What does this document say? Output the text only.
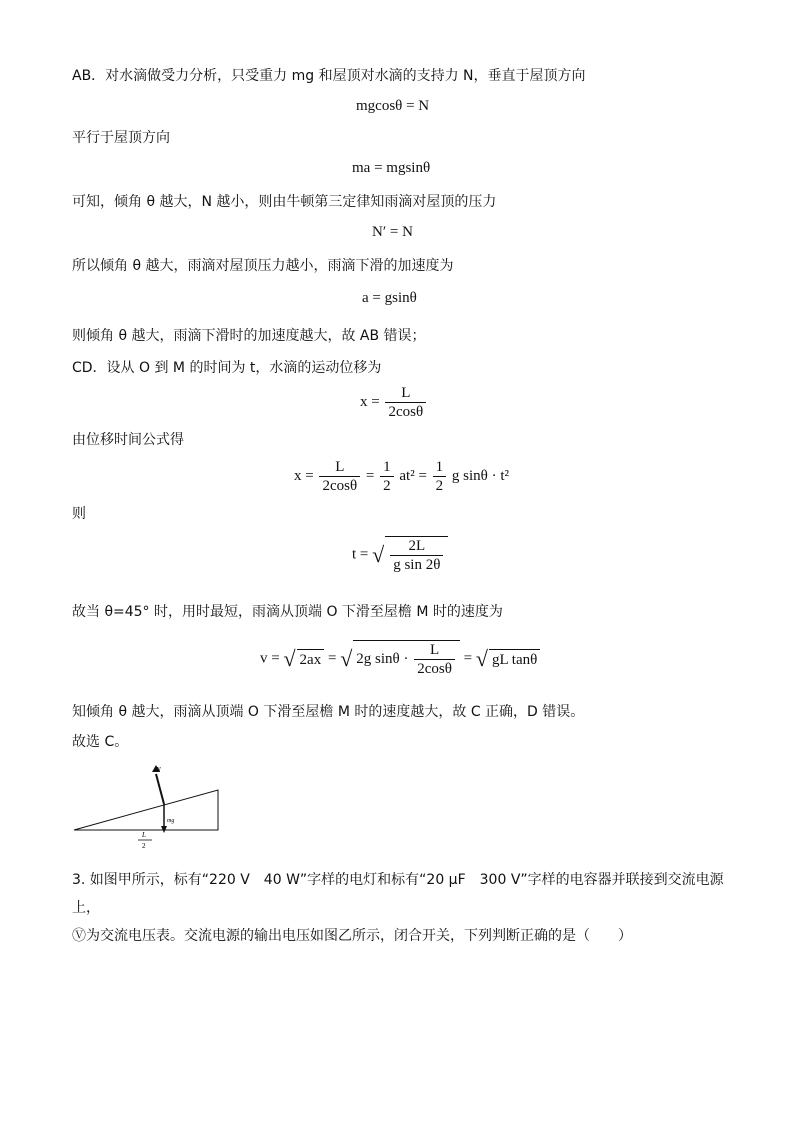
AB．对水滴做受力分析，只受重力 mg 和屋顶对水滴的支持力 N，垂直于屋顶方向
mgcosθ = N
平行于屋顶方向
ma = mgsinθ
可知，倾角 θ 越大，N 越小，则由牛顿第三定律知雨滴对屋顶的压力
N′ = N
所以倾角 θ 越大，雨滴对屋顶压力越小，雨滴下滑的加速度为
a = gsinθ
则倾角 θ 越大，雨滴下滑时的加速度越大，故 AB 错误；
CD．设从 O 到 M 的时间为 t，水滴的运动位移为
$x = \frac{L}{2\cos\theta}$
由位移时间公式得
$x = \frac{L}{2\cos\theta} = \frac{1}{2} at^2 = \frac{1}{2}$ g sinθ · t²
则
t = √ $\frac{2L}{\text{g sin 2θ}}$
故当 θ=45° 时，用时最短，雨滴从顶端 O 下滑至屋檐 M 时的速度为
v = √ 2ax = √ 2g $\sin\theta \cdot \frac{L}{2\cos\theta}$ = √ gL tanθ
知倾角 θ 越大，雨滴从顶端 O 下滑至屋檐 M 时的速度越大，故 C 正确，D 错误。
故选 C。
N
mg
L
2
3. 如图甲所示，标有“220 V　40 W”字样的电灯和标有“20 μF　300 V”字样的电容器并联接到交流电源上，
Ⓥ为交流电压表。交流电源的输出电压如图乙所示，闭合开关，下列判断正确的是（　　）
